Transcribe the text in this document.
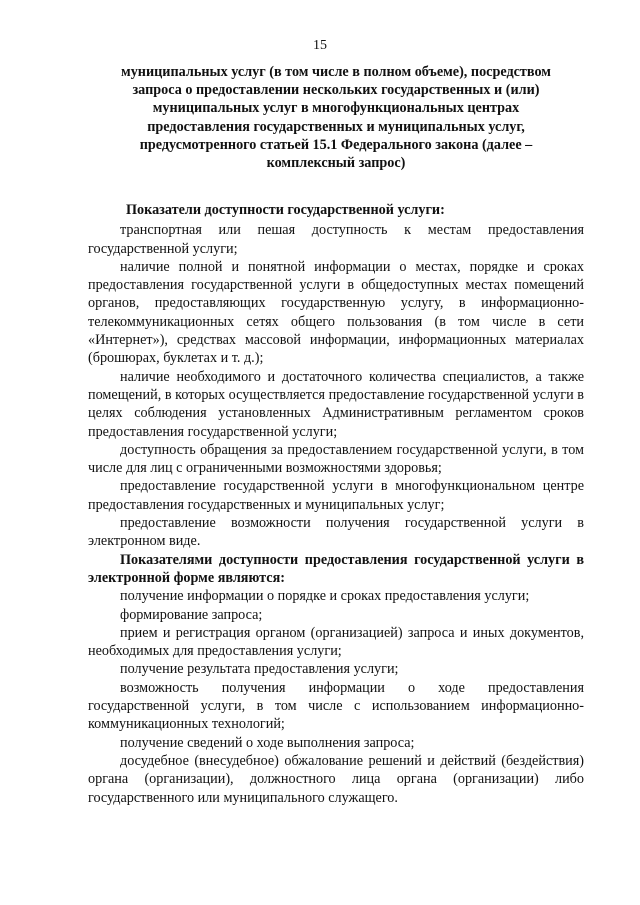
15
муниципальных услуг (в том числе в полном объеме), посредством
запроса о предоставлении нескольких государственных и (или)
муниципальных услуг в многофункциональных центрах
предоставления государственных и муниципальных услуг,
предусмотренного статьей 15.1 Федерального закона (далее –
комплексный запрос)

Показатели доступности государственной услуги:

транспортная или пешая доступность к местам предоставления государственной услуги;

наличие полной и понятной информации о местах, порядке и сроках предоставления государственной услуги в общедоступных местах помещений органов, предоставляющих государственную услугу, в информационно-телекоммуникационных сетях общего пользования (в том числе в сети «Интернет»), средствах массовой информации, информационных материалах (брошюрах, буклетах и т. д.);

наличие необходимого и достаточного количества специалистов, а также помещений, в которых осуществляется предоставление государственной услуги в целях соблюдения установленных Административным регламентом сроков предоставления государственной услуги;

доступность обращения за предоставлением государственной услуги, в том числе для лиц с ограниченными возможностями здоровья;

предоставление государственной услуги в многофункциональном центре предоставления государственных и муниципальных услуг;

предоставление возможности получения государственной услуги в электронном виде.

Показателями доступности предоставления государственной услуги в электронной форме являются:

получение информации о порядке и сроках предоставления услуги;

формирование запроса;

прием и регистрация органом (организацией) запроса и иных документов, необходимых для предоставления услуги;

получение результата предоставления услуги;

возможность получения информации о ходе предоставления государственной услуги, в том числе с использованием информационно-коммуникационных технологий;

получение сведений о ходе выполнения запроса;

досудебное (внесудебное) обжалование решений и действий (бездействия) органа (организации), должностного лица органа (организации) либо государственного или муниципального служащего.
